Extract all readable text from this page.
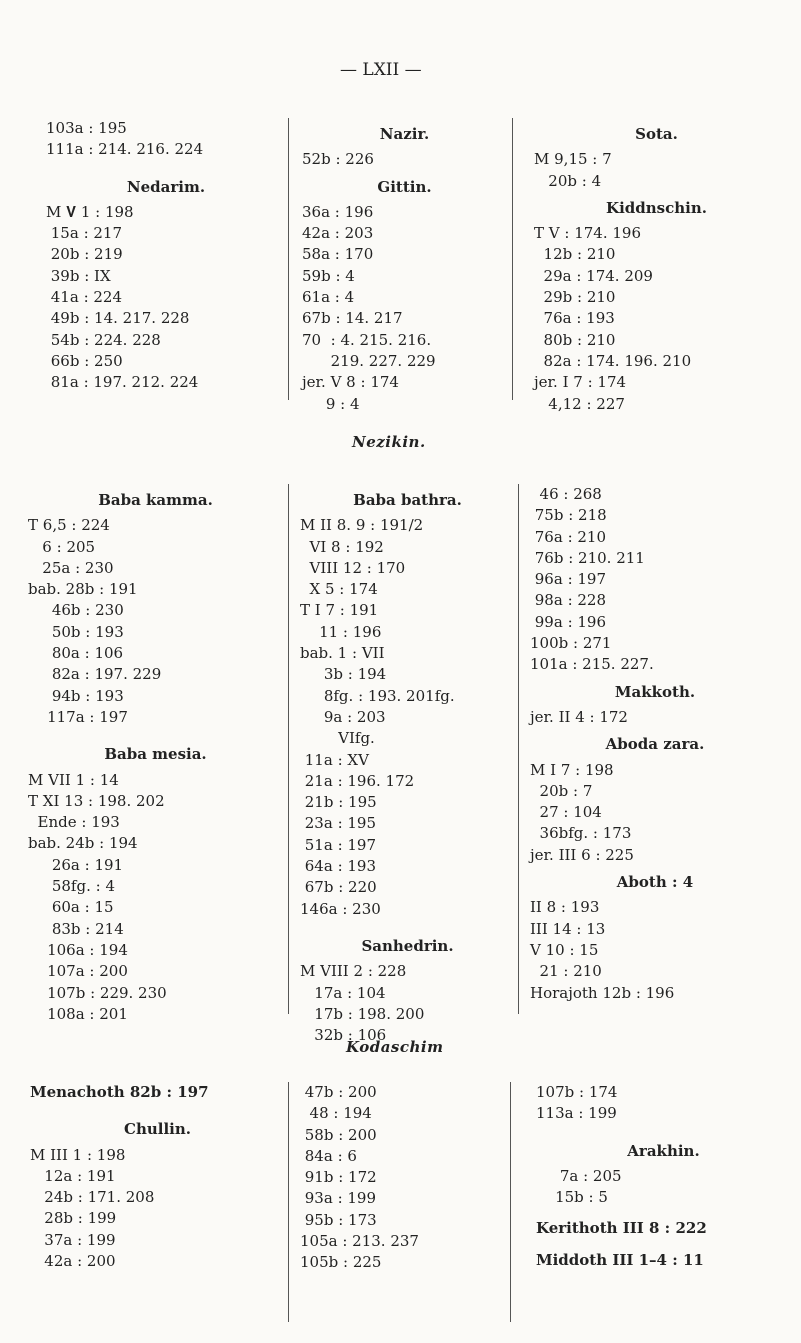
— LXII —
Nezikin.
Kodaschim
103a : 195
111a : 214. 216. 224
Nedarim.
M 𝐕 1 : 198
15a : 217
20b : 219
39b : IX
41a : 224
49b : 14. 217. 228
54b : 224. 228
66b : 250
81a : 197. 212. 224
Nazir.
52b : 226
Gittin.
36a : 196
42a : 203
58a : 170
59b : 4
61a : 4
67b : 14. 217
70  : 4. 215. 216.
219. 227. 229
jer. V 8 : 174
9 : 4
Sota.
M 9,15 : 7
20b : 4
Kiddnschin.
T V : 174. 196
12b : 210
29a : 174. 209
29b : 210
76a : 193
80b : 210
82a : 174. 196. 210
jer. I 7 : 174
4,12 : 227
Baba kamma.
T 6,5 : 224
6 : 205
25a : 230
bab. 28b : 191
46b : 230
50b : 193
80a : 106
82a : 197. 229
94b : 193
117a : 197
Baba mesia.
M VII 1 : 14
T XI 13 : 198. 202
Ende : 193
bab. 24b : 194
26a : 191
58fg. : 4
60a : 15
83b : 214
106a : 194
107a : 200
107b : 229. 230
108a : 201
Baba bathra.
M II 8. 9 : 191/2
VI 8 : 192
VIII 12 : 170
X 5 : 174
T I 7 : 191
11 : 196
bab. 1 : VII
3b : 194
8fg. : 193. 201fg.
9a : 203
VIfg.
11a : XV
21a : 196. 172
21b : 195
23a : 195
51a : 197
64a : 193
67b : 220
146a : 230
Sanhedrin.
M VIII 2 : 228
17a : 104
17b : 198. 200
32b : 106
46 : 268
75b : 218
76a : 210
76b : 210. 211
96a : 197
98a : 228
99a : 196
100b : 271
101a : 215. 227.
Makkoth.
jer. II 4 : 172
Aboda zara.
M I 7 : 198
20b : 7
27 : 104
36bfg. : 173
jer. III 6 : 225
Aboth : 4
II 8 : 193
III 14 : 13
V 10 : 15
21 : 210
Horajoth 12b : 196
Menachoth 82b : 197
Chullin.
M III 1 : 198
12a : 191
24b : 171. 208
28b : 199
37a : 199
42a : 200
47b : 200
48 : 194
58b : 200
84a : 6
91b : 172
93a : 199
95b : 173
105a : 213. 237
105b : 225
107b : 174
113a : 199
Arakhin.
7a : 205
15b : 5
Kerithoth III 8 : 222
Middoth III 1–4 : 11
